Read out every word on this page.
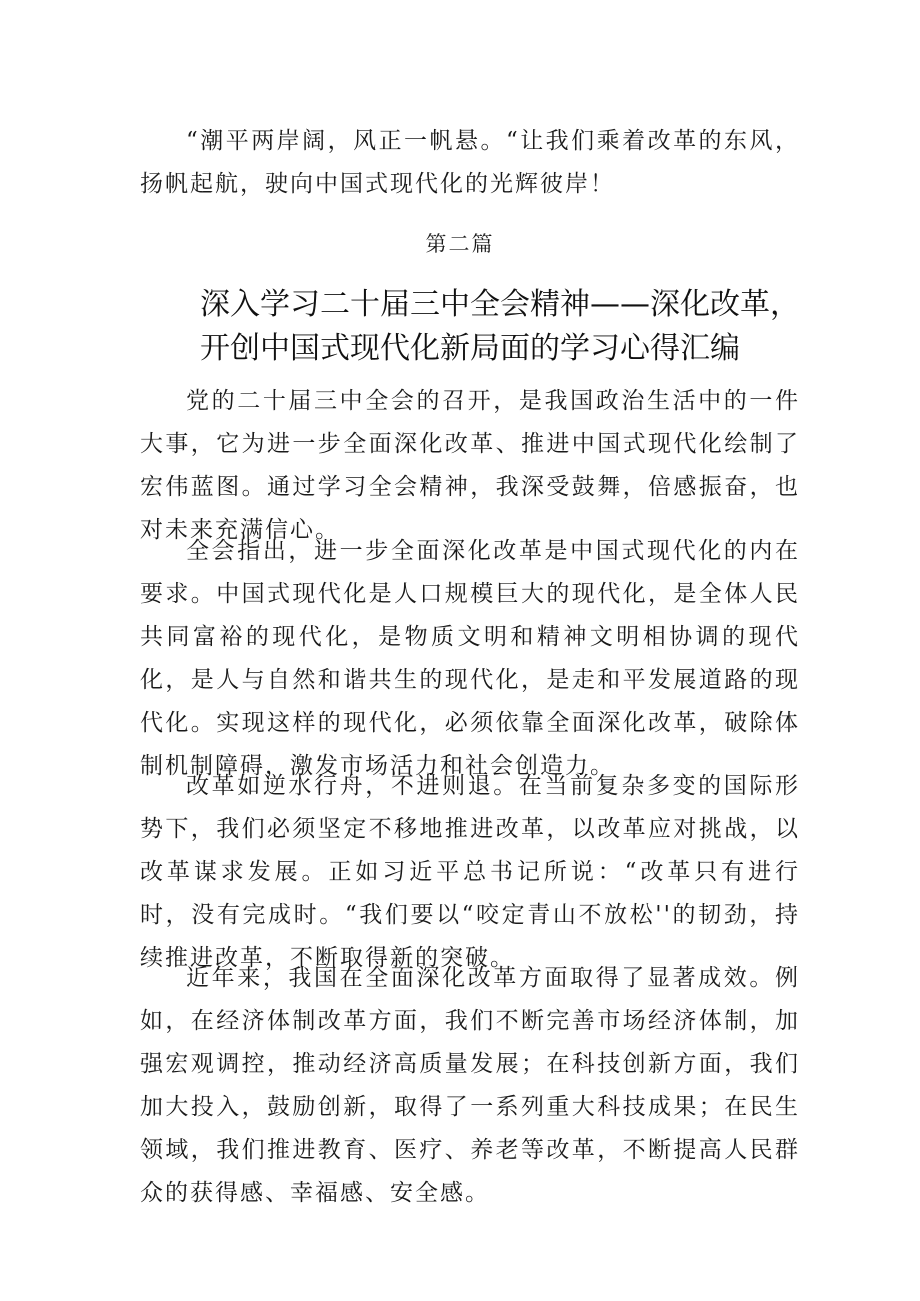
“潮平两岸阔，风正一帆悬。“让我们乘着改革的东风，扬帆起航，驶向中国式现代化的光辉彼岸！

第二篇

深入学习二十届三中全会精神——深化改革，开创中国式现代化新局面的学习心得汇编

党的二十届三中全会的召开，是我国政治生活中的一件大事，它为进一步全面深化改革、推进中国式现代化绘制了宏伟蓝图。通过学习全会精神，我深受鼓舞，倍感振奋，也对未来充满信心。

全会指出，进一步全面深化改革是中国式现代化的内在要求。中国式现代化是人口规模巨大的现代化，是全体人民共同富裕的现代化，是物质文明和精神文明相协调的现代化，是人与自然和谐共生的现代化，是走和平发展道路的现代化。实现这样的现代化，必须依靠全面深化改革，破除体制机制障碍，激发市场活力和社会创造力。

改革如逆水行舟，不进则退。在当前复杂多变的国际形势下，我们必须坚定不移地推进改革，以改革应对挑战，以改革谋求发展。正如习近平总书记所说：“改革只有进行时，没有完成时。“我们要以“咬定青山不放松''的韧劲，持续推进改革，不断取得新的突破。

近年来，我国在全面深化改革方面取得了显著成效。例如，在经济体制改革方面，我们不断完善市场经济体制，加强宏观调控，推动经济高质量发展；在科技创新方面，我们加大投入，鼓励创新，取得了一系列重大科技成果；在民生领域，我们推进教育、医疗、养老等改革，不断提高人民群众的获得感、幸福感、安全感。
